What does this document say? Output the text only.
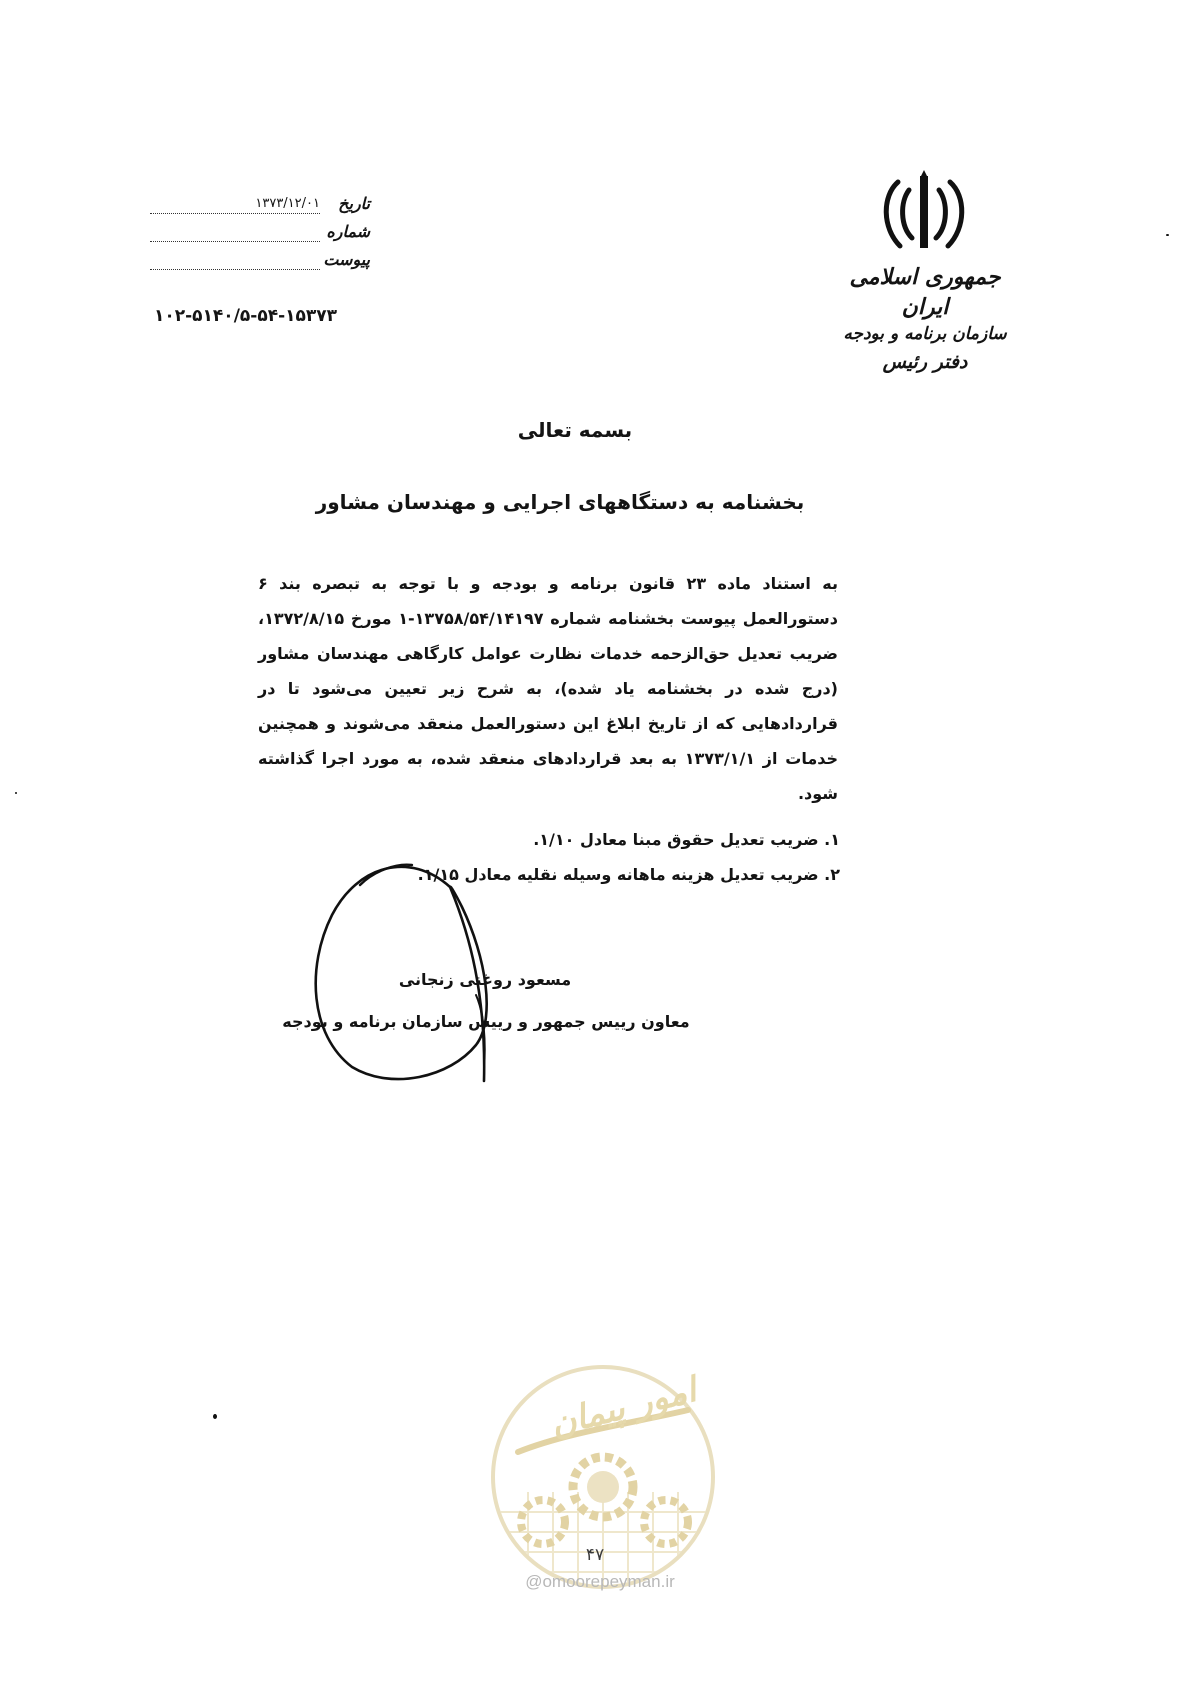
جمهوری اسلامی ایران
سازمان برنامه و بودجه
دفتر رئیس
تاریخ
۱۳۷۳/۱۲/۰۱
شماره
پیوست
۱۰۲-۵۱۴۰/۵-۵۴-۱۵۳۷۳
بسمه تعالی
بخشنامه به دستگاههای اجرایی و مهندسان مشاور
به استناد ماده ۲۳ قانون برنامه و بودجه و با توجه به تبصره بند ۶ دستورالعمل پیوست بخشنامه شماره ۱۳۷۵۸/۵۴/۱۴۱۹۷-۱ مورخ ۱۳۷۲/۸/۱۵، ضریب تعدیل حق‌الزحمه خدمات نظارت عوامل کارگاهی مهندسان مشاور (درج شده در بخشنامه یاد شده)، به شرح زیر تعیین می‌شود تا در قراردادهایی که از تاریخ ابلاغ این دستورالعمل منعقد می‌شوند و همچنین خدمات از ۱۳۷۳/۱/۱ به بعد قراردادهای منعقد شده، به مورد اجرا گذاشته شود.
۱. ضریب تعدیل حقوق مبنا معادل ۱/۱۰.
۲. ضریب تعدیل هزینه ماهانه وسیله نقلیه معادل ۱/۱۵.
مسعود روغنی زنجانی
معاون رییس جمهور و رییس سازمان برنامه و بودجه
امور پیمان
۴۷
@omoorepeyman.ir
